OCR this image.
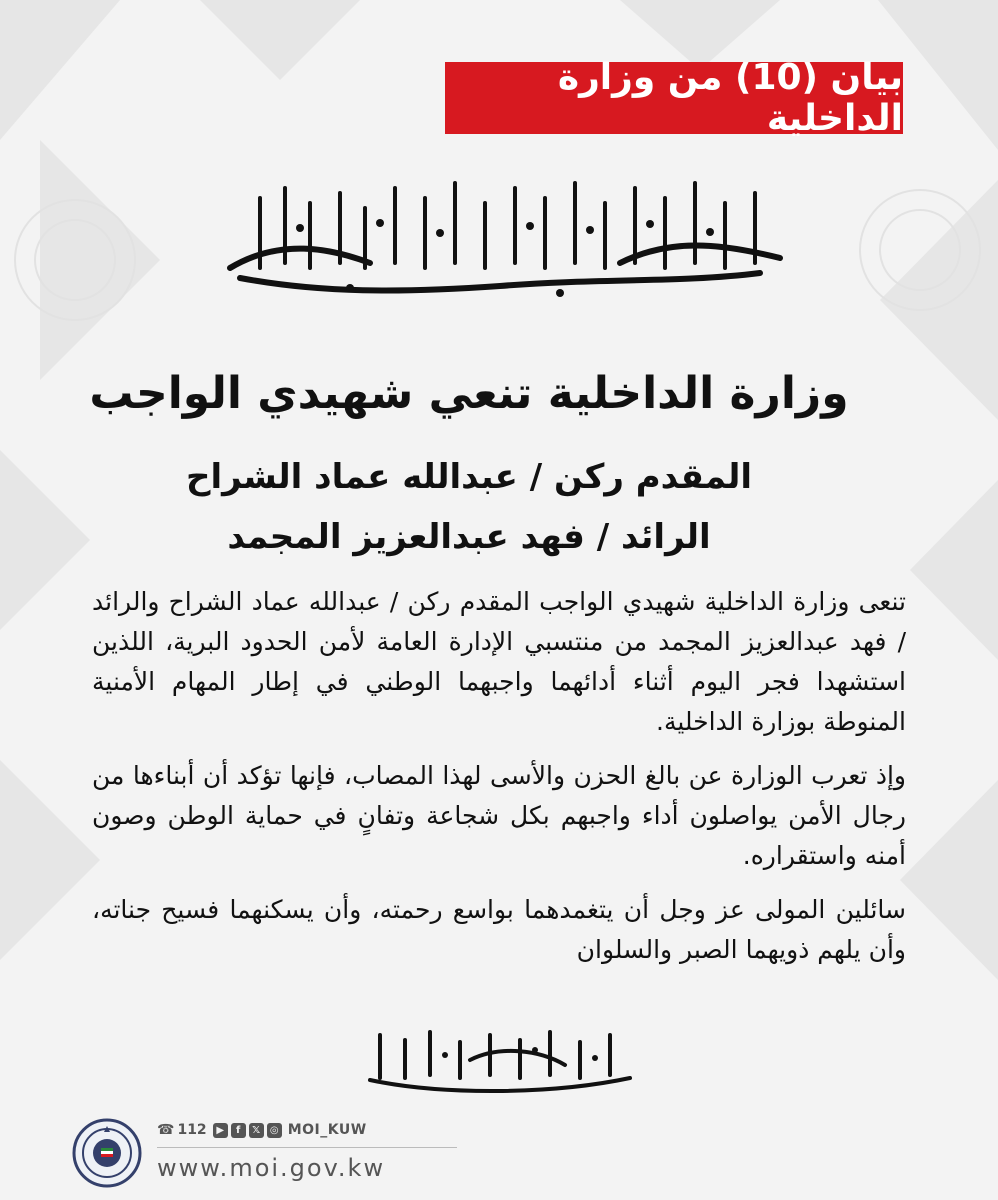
بيان (10) من وزارة الداخلية
وزارة الداخلية تنعي شهيدي الواجب
المقدم ركن / عبدالله عماد الشراح
الرائد / فهد عبدالعزيز المجمد

تنعى وزارة الداخلية شهيدي الواجب المقدم ركن / عبدالله عماد الشراح والرائد / فهد عبدالعزيز المجمد من منتسبي الإدارة العامة لأمن الحدود البرية، اللذين استشهدا فجر اليوم أثناء أدائهما واجبهما الوطني في إطار المهام الأمنية المنوطة بوزارة الداخلية.

وإذ تعرب الوزارة عن بالغ الحزن والأسى لهذا المصاب، فإنها تؤكد أن أبناءها من رجال الأمن يواصلون أداء واجبهم بكل شجاعة وتفانٍ في حماية الوطن وصون أمنه واستقراره.

سائلين المولى عز وجل أن يتغمدهما بواسع رحمته، وأن يسكنهما فسيح جناته، وأن يلهم ذويهما الصبر والسلوان

☎ 112 ▶	f	𝕏 ◎ MOI_KUW
www.moi.gov.kw
